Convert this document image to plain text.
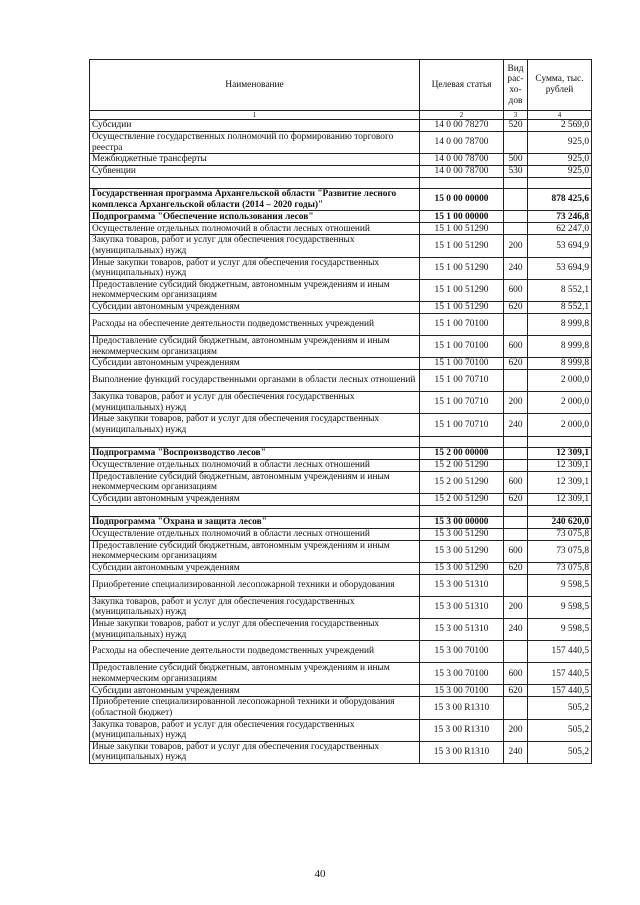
Наименование	Целевая статья	Вид рас- хо- дов	Сумма, тыс. рублей
1	2	3	4
Субсидии	14 0 00 78270	520	2 569,0
Осуществление государственных полномочий по формированию торгового реестра	14 0 00 78700		925,0
Межбюджетные трансферты	14 0 00 78700	500	925,0
Субвенции	14 0 00 78700	530	925,0

Государственная программа Архангельской области "Развитие лесного комплекса Архангельской области (2014 – 2020 годы)"	15 0 00 00000		878 425,6
Подпрограмма "Обеспечение использования лесов"	15 1 00 00000		73 246,8
Осуществление отдельных полномочий в области лесных отношений	15 1 00 51290		62 247,0
Закупка товаров, работ и услуг для обеспечения государственных (муниципальных) нужд	15 1 00 51290	200	53 694,9
Иные закупки товаров, работ и услуг для обеспечения государственных (муниципальных) нужд	15 1 00 51290	240	53 694,9
Предоставление субсидий бюджетным, автономным учреждениям и иным некоммерческим организациям	15 1 00 51290	600	8 552,1
Субсидии автономным учреждениям	15 1 00 51290	620	8 552,1
Расходы на обеспечение деятельности подведомственных учреждений	15 1 00 70100		8 999,8
Предоставление субсидий бюджетным, автономным учреждениям и иным некоммерческим организациям	15 1 00 70100	600	8 999,8
Субсидии автономным учреждениям	15 1 00 70100	620	8 999,8
Выполнение функций государственными органами в области лесных отношений	15 1 00 70710		2 000,0
Закупка товаров, работ и услуг для обеспечения государственных (муниципальных) нужд	15 1 00 70710	200	2 000,0
Иные закупки товаров, работ и услуг для обеспечения государственных (муниципальных) нужд	15 1 00 70710	240	2 000,0

Подпрограмма "Воспроизводство лесов"	15 2 00 00000		12 309,1
Осуществление отдельных полномочий в области лесных отношений	15 2 00 51290		12 309,1
Предоставление субсидий бюджетным, автономным учреждениям и иным некоммерческим организациям	15 2 00 51290	600	12 309,1
Субсидии автономным учреждениям	15 2 00 51290	620	12 309,1

Подпрограмма "Охрана и защита лесов"	15 3 00 00000		240 620,0
Осуществление отдельных полномочий в области лесных отношений	15 3 00 51290		73 075,8
Предоставление субсидий бюджетным, автономным учреждениям и иным некоммерческим организациям	15 3 00 51290	600	73 075,8
Субсидии автономным учреждениям	15 3 00 51290	620	73 075,8
Приобретение специализированной лесопожарной техники и оборудования	15 3 00 51310		9 598,5
Закупка товаров, работ и услуг для обеспечения государственных (муниципальных) нужд	15 3 00 51310	200	9 598,5
Иные закупки товаров, работ и услуг для обеспечения государственных (муниципальных) нужд	15 3 00 51310	240	9 598,5
Расходы на обеспечение деятельности подведомственных учреждений	15 3 00 70100		157 440,5
Предоставление субсидий бюджетным, автономным учреждениям и иным некоммерческим организациям	15 3 00 70100	600	157 440,5
Субсидии автономным учреждениям	15 3 00 70100	620	157 440,5
Приобретение специализированной лесопожарной техники и оборудования (областной бюджет)	15 3 00 R1310		505,2
Закупка товаров, работ и услуг для обеспечения государственных (муниципальных) нужд	15 3 00 R1310	200	505,2
Иные закупки товаров, работ и услуг для обеспечения государственных (муниципальных) нужд	15 3 00 R1310	240	505,2
40
